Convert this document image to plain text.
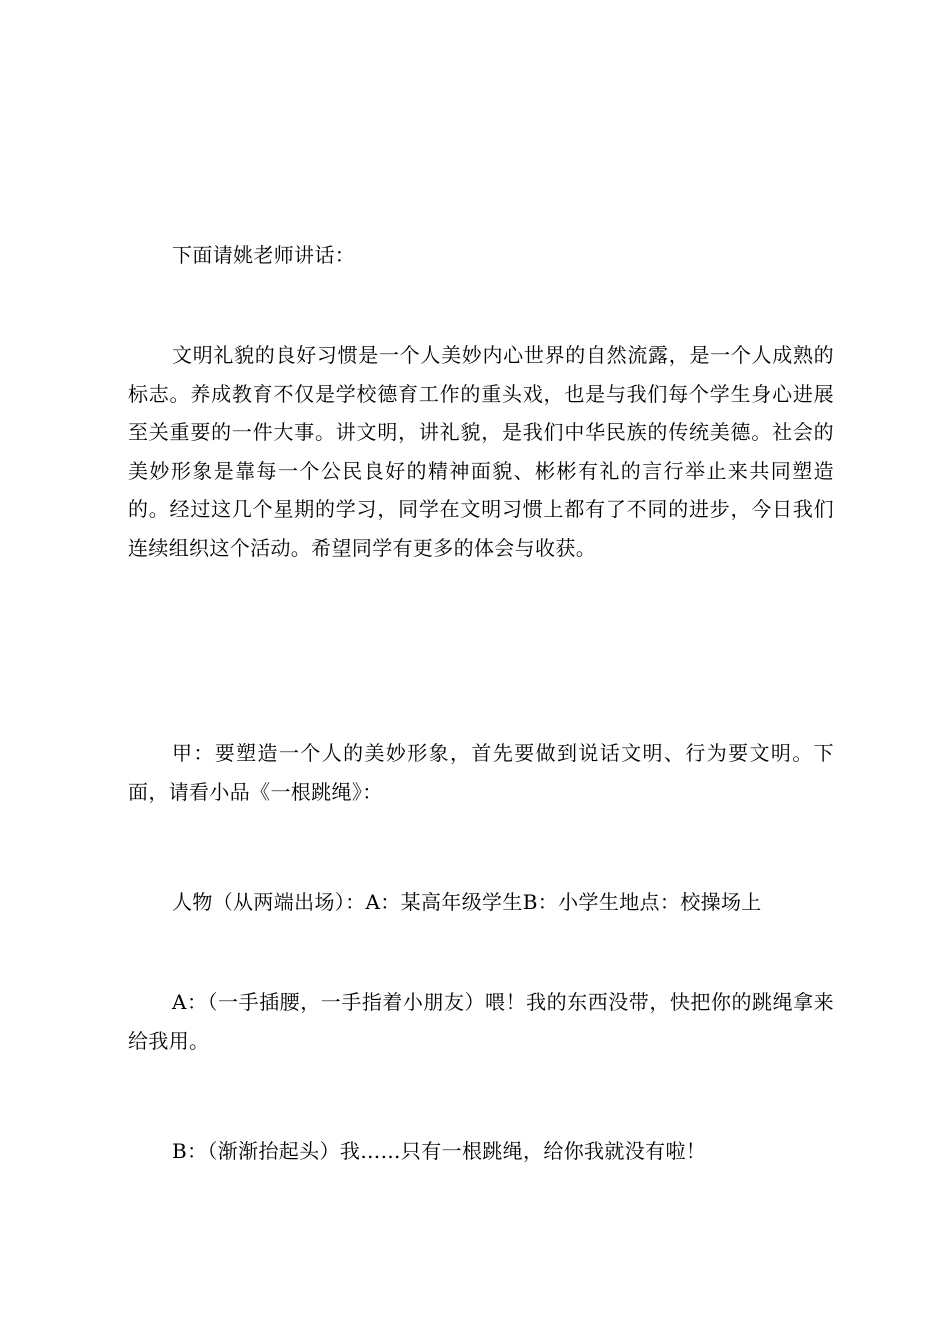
下面请姚老师讲话：

文明礼貌的良好习惯是一个人美妙内心世界的自然流露，是一个人成熟的标志。养成教育不仅是学校德育工作的重头戏，也是与我们每个学生身心进展至关重要的一件大事。讲文明，讲礼貌，是我们中华民族的传统美德。社会的美妙形象是靠每一个公民良好的精神面貌、彬彬有礼的言行举止来共同塑造的。经过这几个星期的学习，同学在文明习惯上都有了不同的进步，今日我们连续组织这个活动。希望同学有更多的体会与收获。

甲：要塑造一个人的美妙形象，首先要做到说话文明、行为要文明。下面，请看小品《一根跳绳》：

人物（从两端出场）：A：某高年级学生B：小学生地点：校操场上

A：（一手插腰，一手指着小朋友）喂！我的东西没带，快把你的跳绳拿来给我用。

B：（渐渐抬起头）我……只有一根跳绳，给你我就没有啦！
